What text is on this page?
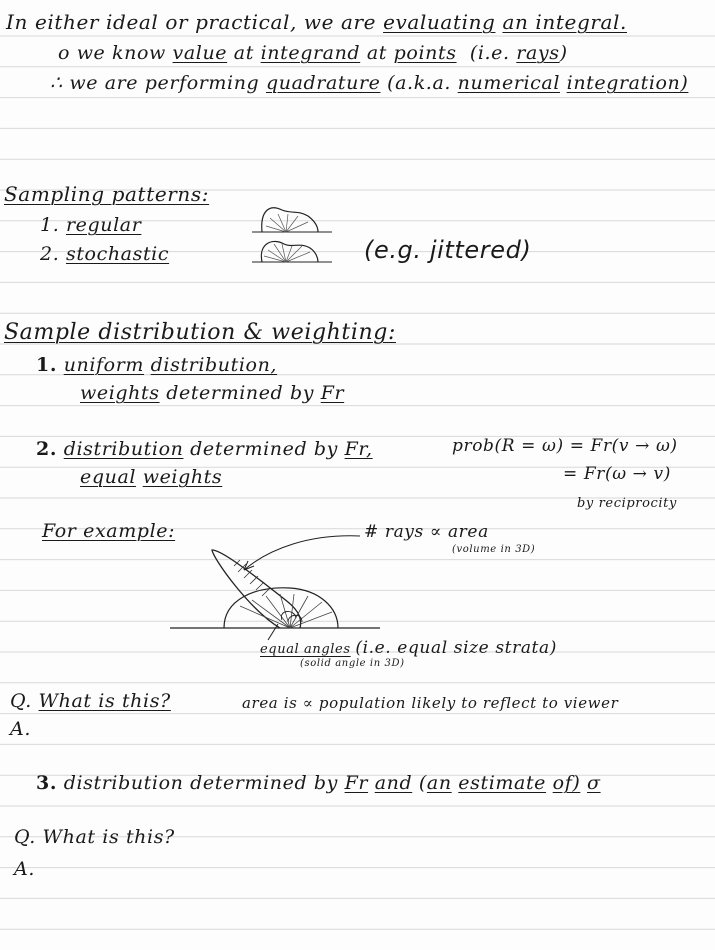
In either ideal or practical, we are evaluating an integral.
o we know value at integrand at points (i.e. rays)
∴ we are performing quadrature (a.k.a. numerical integration)
Sampling patterns:
1. regular
2. stochastic	(e.g. jittered)
Sample distribution & weighting:
1. uniform distribution,
weights determined by Fr
2. distribution determined by Fr,
equal weights
prob(R = ω) = Fr(v → ω)
= Fr(ω → v)
by reciprocity
For example:	# rays ∝ area
(volume in 3D)
equal angles (i.e. equal size strata)
(solid angle in 3D)
Q. What is this?	area is ∝ population likely to reflect to viewer
A.
3. distribution determined by Fr and (an estimate of) σ
Q. What is this?
A.
